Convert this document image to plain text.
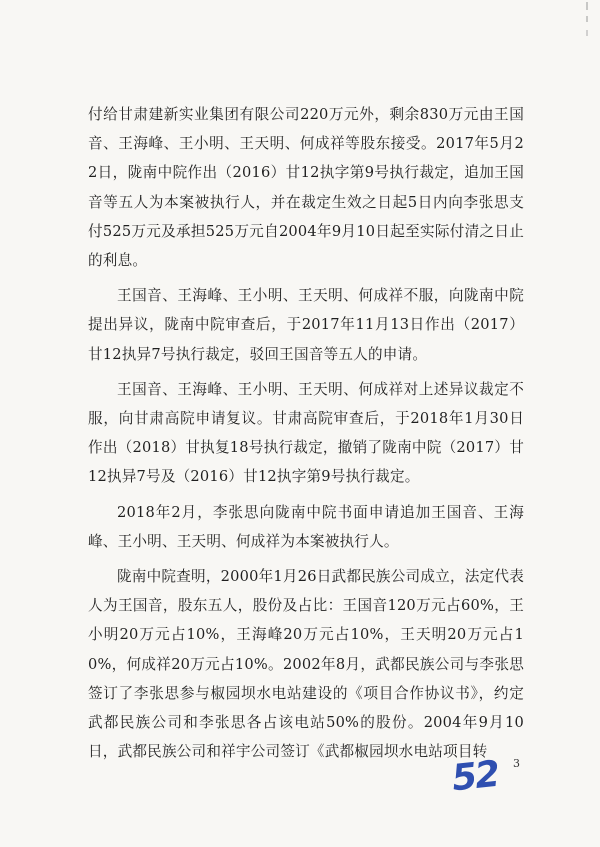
付给甘肃建新实业集团有限公司220万元外，剩余830万元由王国音、王海峰、王小明、王天明、何成祥等股东接受。2017年5月22日，陇南中院作出（2016）甘12执字第9号执行裁定，追加王国音等五人为本案被执行人，并在裁定生效之日起5日内向李张思支付525万元及承担525万元自2004年9月10日起至实际付清之日止的利息。

王国音、王海峰、王小明、王天明、何成祥不服，向陇南中院提出异议，陇南中院审查后，于2017年11月13日作出（2017）甘12执异7号执行裁定，驳回王国音等五人的申请。

王国音、王海峰、王小明、王天明、何成祥对上述异议裁定不服，向甘肃高院申请复议。甘肃高院审查后，于2018年1月30日作出（2018）甘执复18号执行裁定，撤销了陇南中院（2017）甘12执异7号及（2016）甘12执字第9号执行裁定。

2018年2月，李张思向陇南中院书面申请追加王国音、王海峰、王小明、王天明、何成祥为本案被执行人。

陇南中院查明，2000年1月26日武都民族公司成立，法定代表人为王国音，股东五人，股份及占比：王国音120万元占60%，王小明20万元占10%，王海峰20万元占10%，王天明20万元占10%，何成祥20万元占10%。2002年8月，武都民族公司与李张思签订了李张思参与椒园坝水电站建设的《项目合作协议书》，约定武都民族公司和李张思各占该电站50%的股份。2004年9月10日，武都民族公司和祥宇公司签订《武都椒园坝水电站项目转

52 3
